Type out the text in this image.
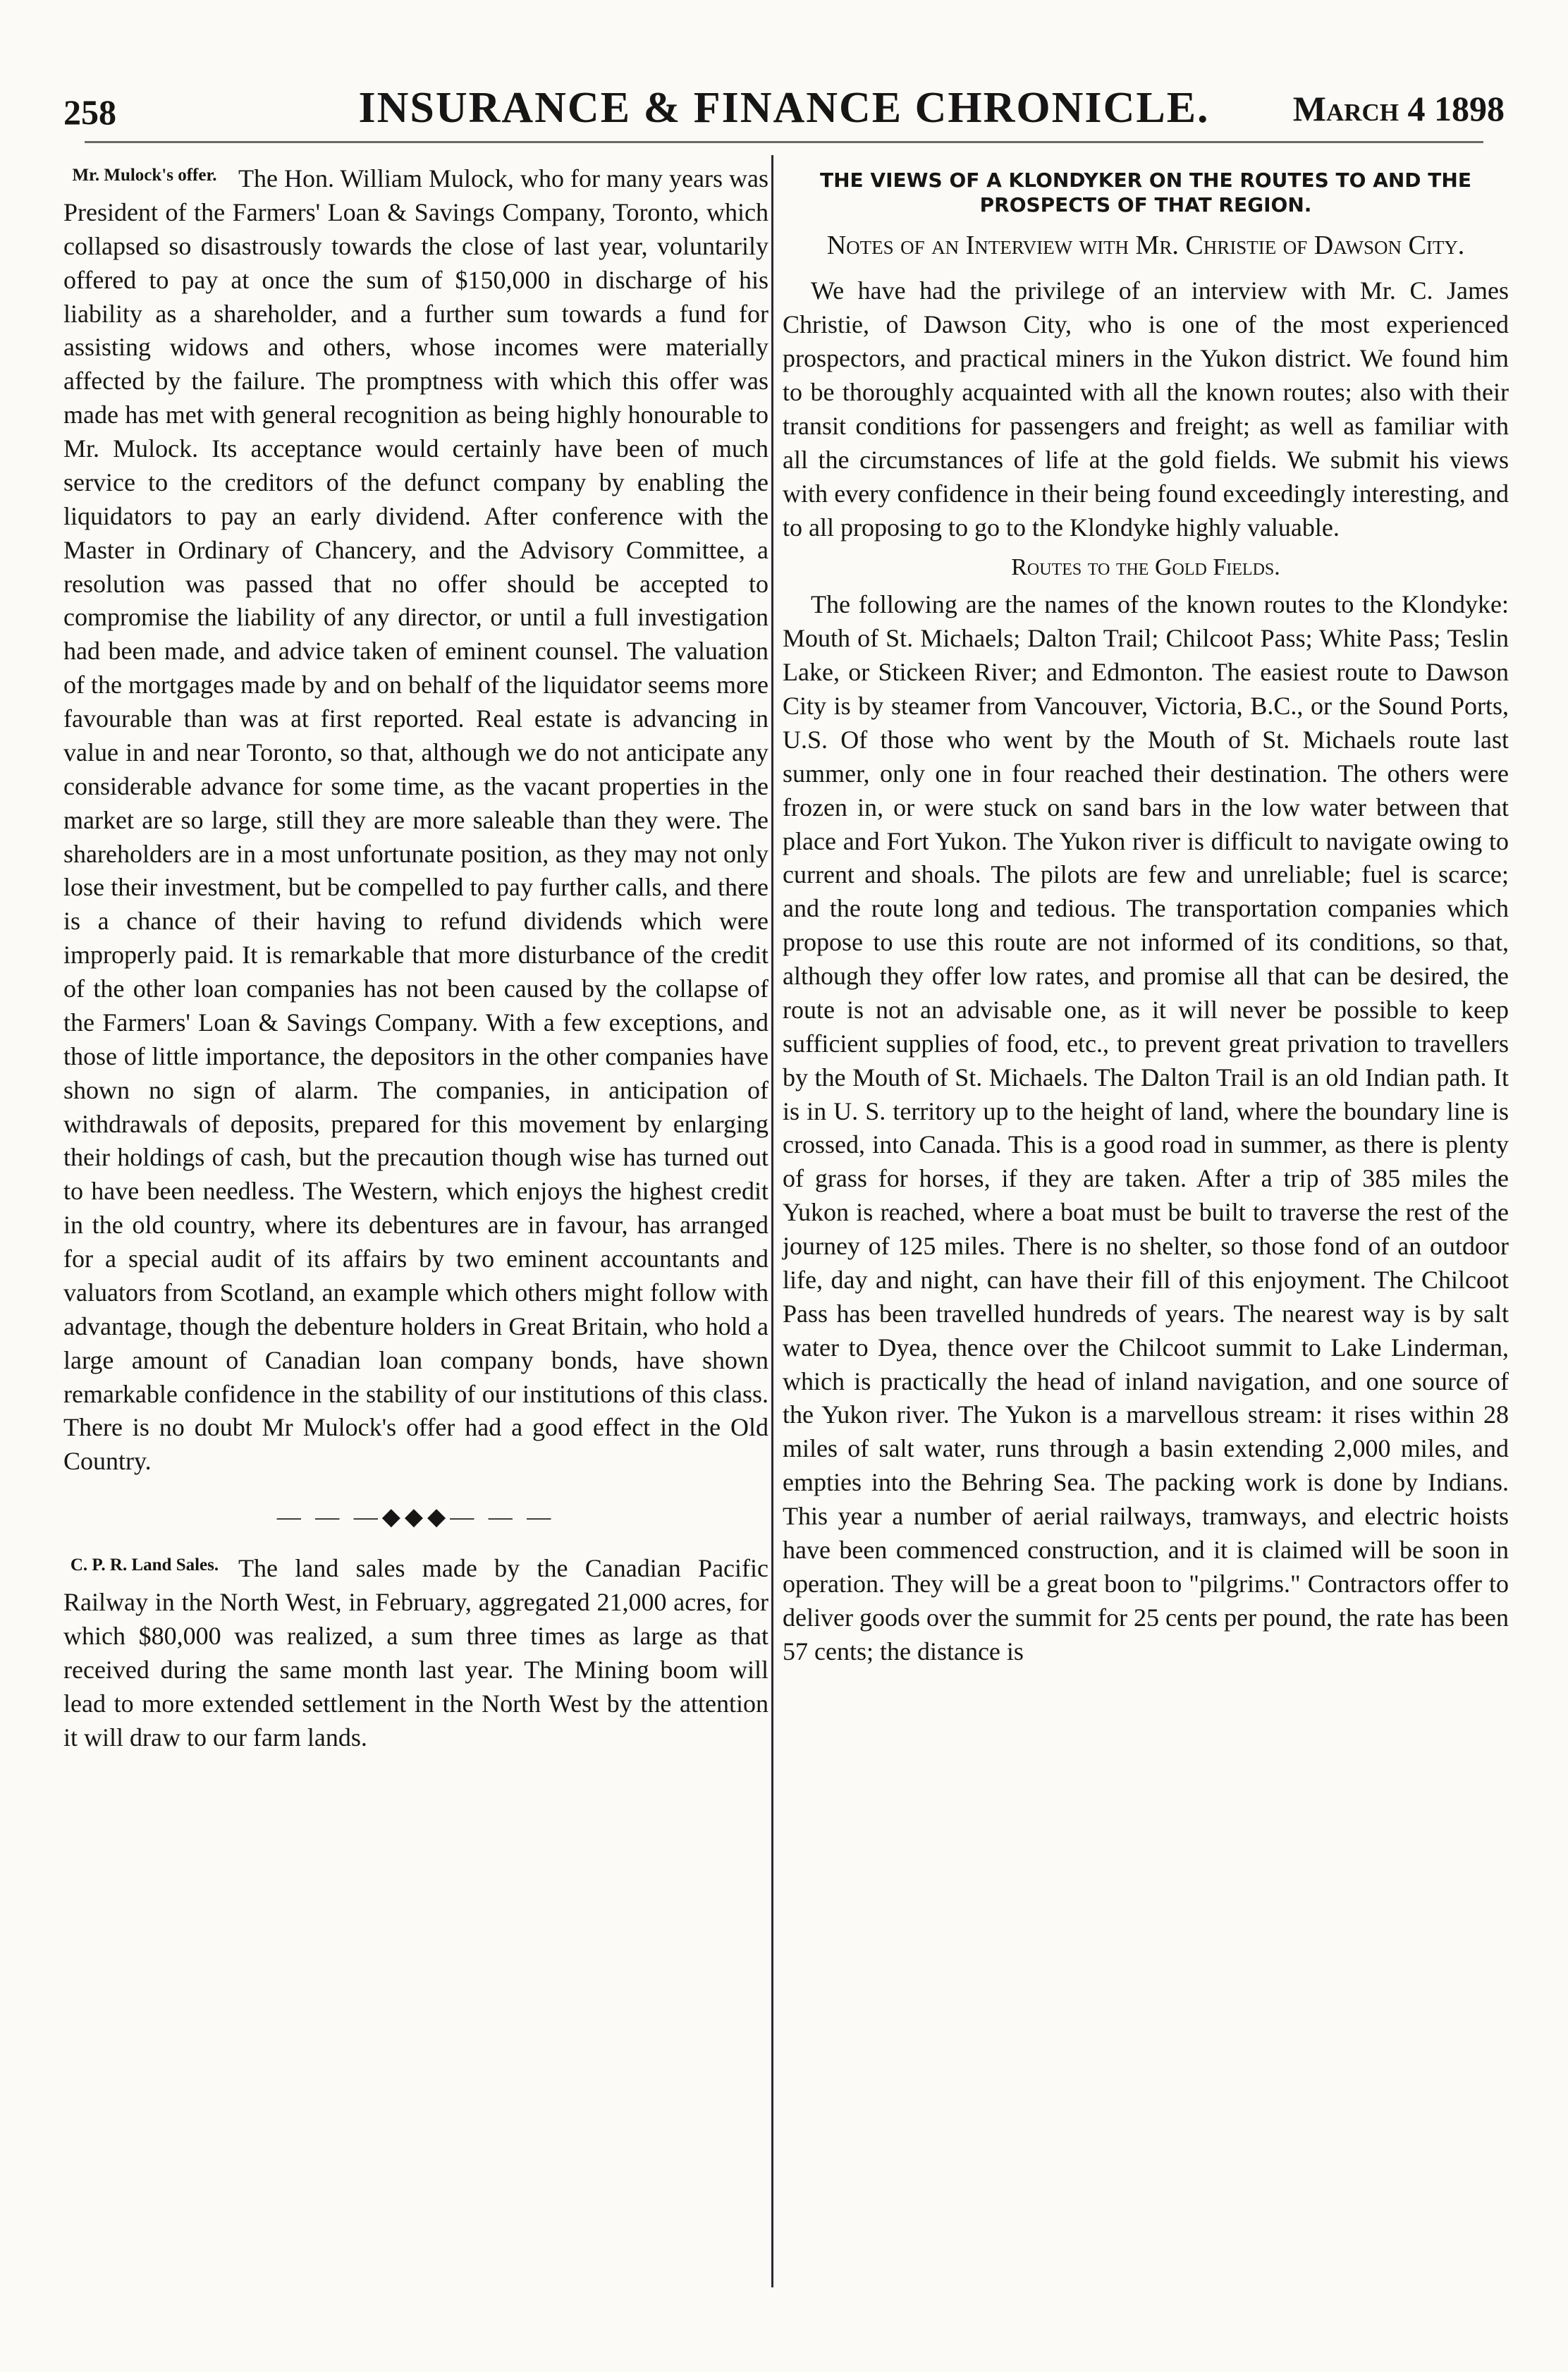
258	INSURANCE & FINANCE CHRONICLE.	March 4 1898
Mr. Mulock's offer. The Hon. William Mulock, who for many years was President of the Farmers' Loan & Savings Company, Toronto, which collapsed so disastrously towards the close of last year, voluntarily offered to pay at once the sum of $150,000 in discharge of his liability as a shareholder, and a further sum towards a fund for assisting widows and others, whose incomes were materially affected by the failure. The promptness with which this offer was made has met with general recognition as being highly honourable to Mr. Mulock. Its acceptance would certainly have been of much service to the creditors of the defunct company by enabling the liquidators to pay an early dividend. After conference with the Master in Ordinary of Chancery, and the Advisory Committee, a resolution was passed that no offer should be accepted to compromise the liability of any director, or until a full investigation had been made, and advice taken of eminent counsel. The valuation of the mortgages made by and on behalf of the liquidator seems more favourable than was at first reported. Real estate is advancing in value in and near Toronto, so that, although we do not anticipate any considerable advance for some time, as the vacant properties in the market are so large, still they are more saleable than they were. The shareholders are in a most unfortunate position, as they may not only lose their investment, but be compelled to pay further calls, and there is a chance of their having to refund dividends which were improperly paid. It is remarkable that more disturbance of the credit of the other loan companies has not been caused by the collapse of the Farmers' Loan & Savings Company. With a few exceptions, and those of little importance, the depositors in the other companies have shown no sign of alarm. The companies, in anticipation of withdrawals of deposits, prepared for this movement by enlarging their holdings of cash, but the precaution though wise has turned out to have been needless. The Western, which enjoys the highest credit in the old country, where its debentures are in favour, has arranged for a special audit of its affairs by two eminent accountants and valuators from Scotland, an example which others might follow with advantage, though the debenture holders in Great Britain, who hold a large amount of Canadian loan company bonds, have shown remarkable confidence in the stability of our institutions of this class. There is no doubt Mr Mulock's offer had a good effect in the Old Country.

— — —◆◆◆— — —
C. P. R. Land Sales. The land sales made by the Canadian Pacific Railway in the North West, in February, aggregated 21,000 acres, for which $80,000 was realized, a sum three times as large as that received during the same month last year. The Mining boom will lead to more extended settlement in the North West by the attention it will draw to our farm lands.

THE VIEWS OF A KLONDYKER ON THE ROUTES TO AND THE PROSPECTS OF THAT REGION.
Notes of an Interview with Mr. Christie of Dawson City.

We have had the privilege of an interview with Mr. C. James Christie, of Dawson City, who is one of the most experienced prospectors, and practical miners in the Yukon district. We found him to be thoroughly acquainted with all the known routes; also with their transit conditions for passengers and freight; as well as familiar with all the circumstances of life at the gold fields. We submit his views with every confidence in their being found exceedingly interesting, and to all proposing to go to the Klondyke highly valuable.

Routes to the Gold Fields.

The following are the names of the known routes to the Klondyke: Mouth of St. Michaels; Dalton Trail; Chilcoot Pass; White Pass; Teslin Lake, or Stickeen River; and Edmonton. The easiest route to Dawson City is by steamer from Vancouver, Victoria, B.C., or the Sound Ports, U.S. Of those who went by the Mouth of St. Michaels route last summer, only one in four reached their destination. The others were frozen in, or were stuck on sand bars in the low water between that place and Fort Yukon. The Yukon river is difficult to navigate owing to current and shoals. The pilots are few and unreliable; fuel is scarce; and the route long and tedious. The transportation companies which propose to use this route are not informed of its conditions, so that, although they offer low rates, and promise all that can be desired, the route is not an advisable one, as it will never be possible to keep sufficient supplies of food, etc., to prevent great privation to travellers by the Mouth of St. Michaels. The Dalton Trail is an old Indian path. It is in U. S. territory up to the height of land, where the boundary line is crossed, into Canada. This is a good road in summer, as there is plenty of grass for horses, if they are taken. After a trip of 385 miles the Yukon is reached, where a boat must be built to traverse the rest of the journey of 125 miles. There is no shelter, so those fond of an outdoor life, day and night, can have their fill of this enjoyment. The Chilcoot Pass has been travelled hundreds of years. The nearest way is by salt water to Dyea, thence over the Chilcoot summit to Lake Linderman, which is practically the head of inland navigation, and one source of the Yukon river. The Yukon is a marvellous stream: it rises within 28 miles of salt water, runs through a basin extending 2,000 miles, and empties into the Behring Sea. The packing work is done by Indians. This year a number of aerial railways, tramways, and electric hoists have been commenced construction, and it is claimed will be soon in operation. They will be a great boon to "pilgrims." Contractors offer to deliver goods over the summit for 25 cents per pound, the rate has been 57 cents; the distance is
